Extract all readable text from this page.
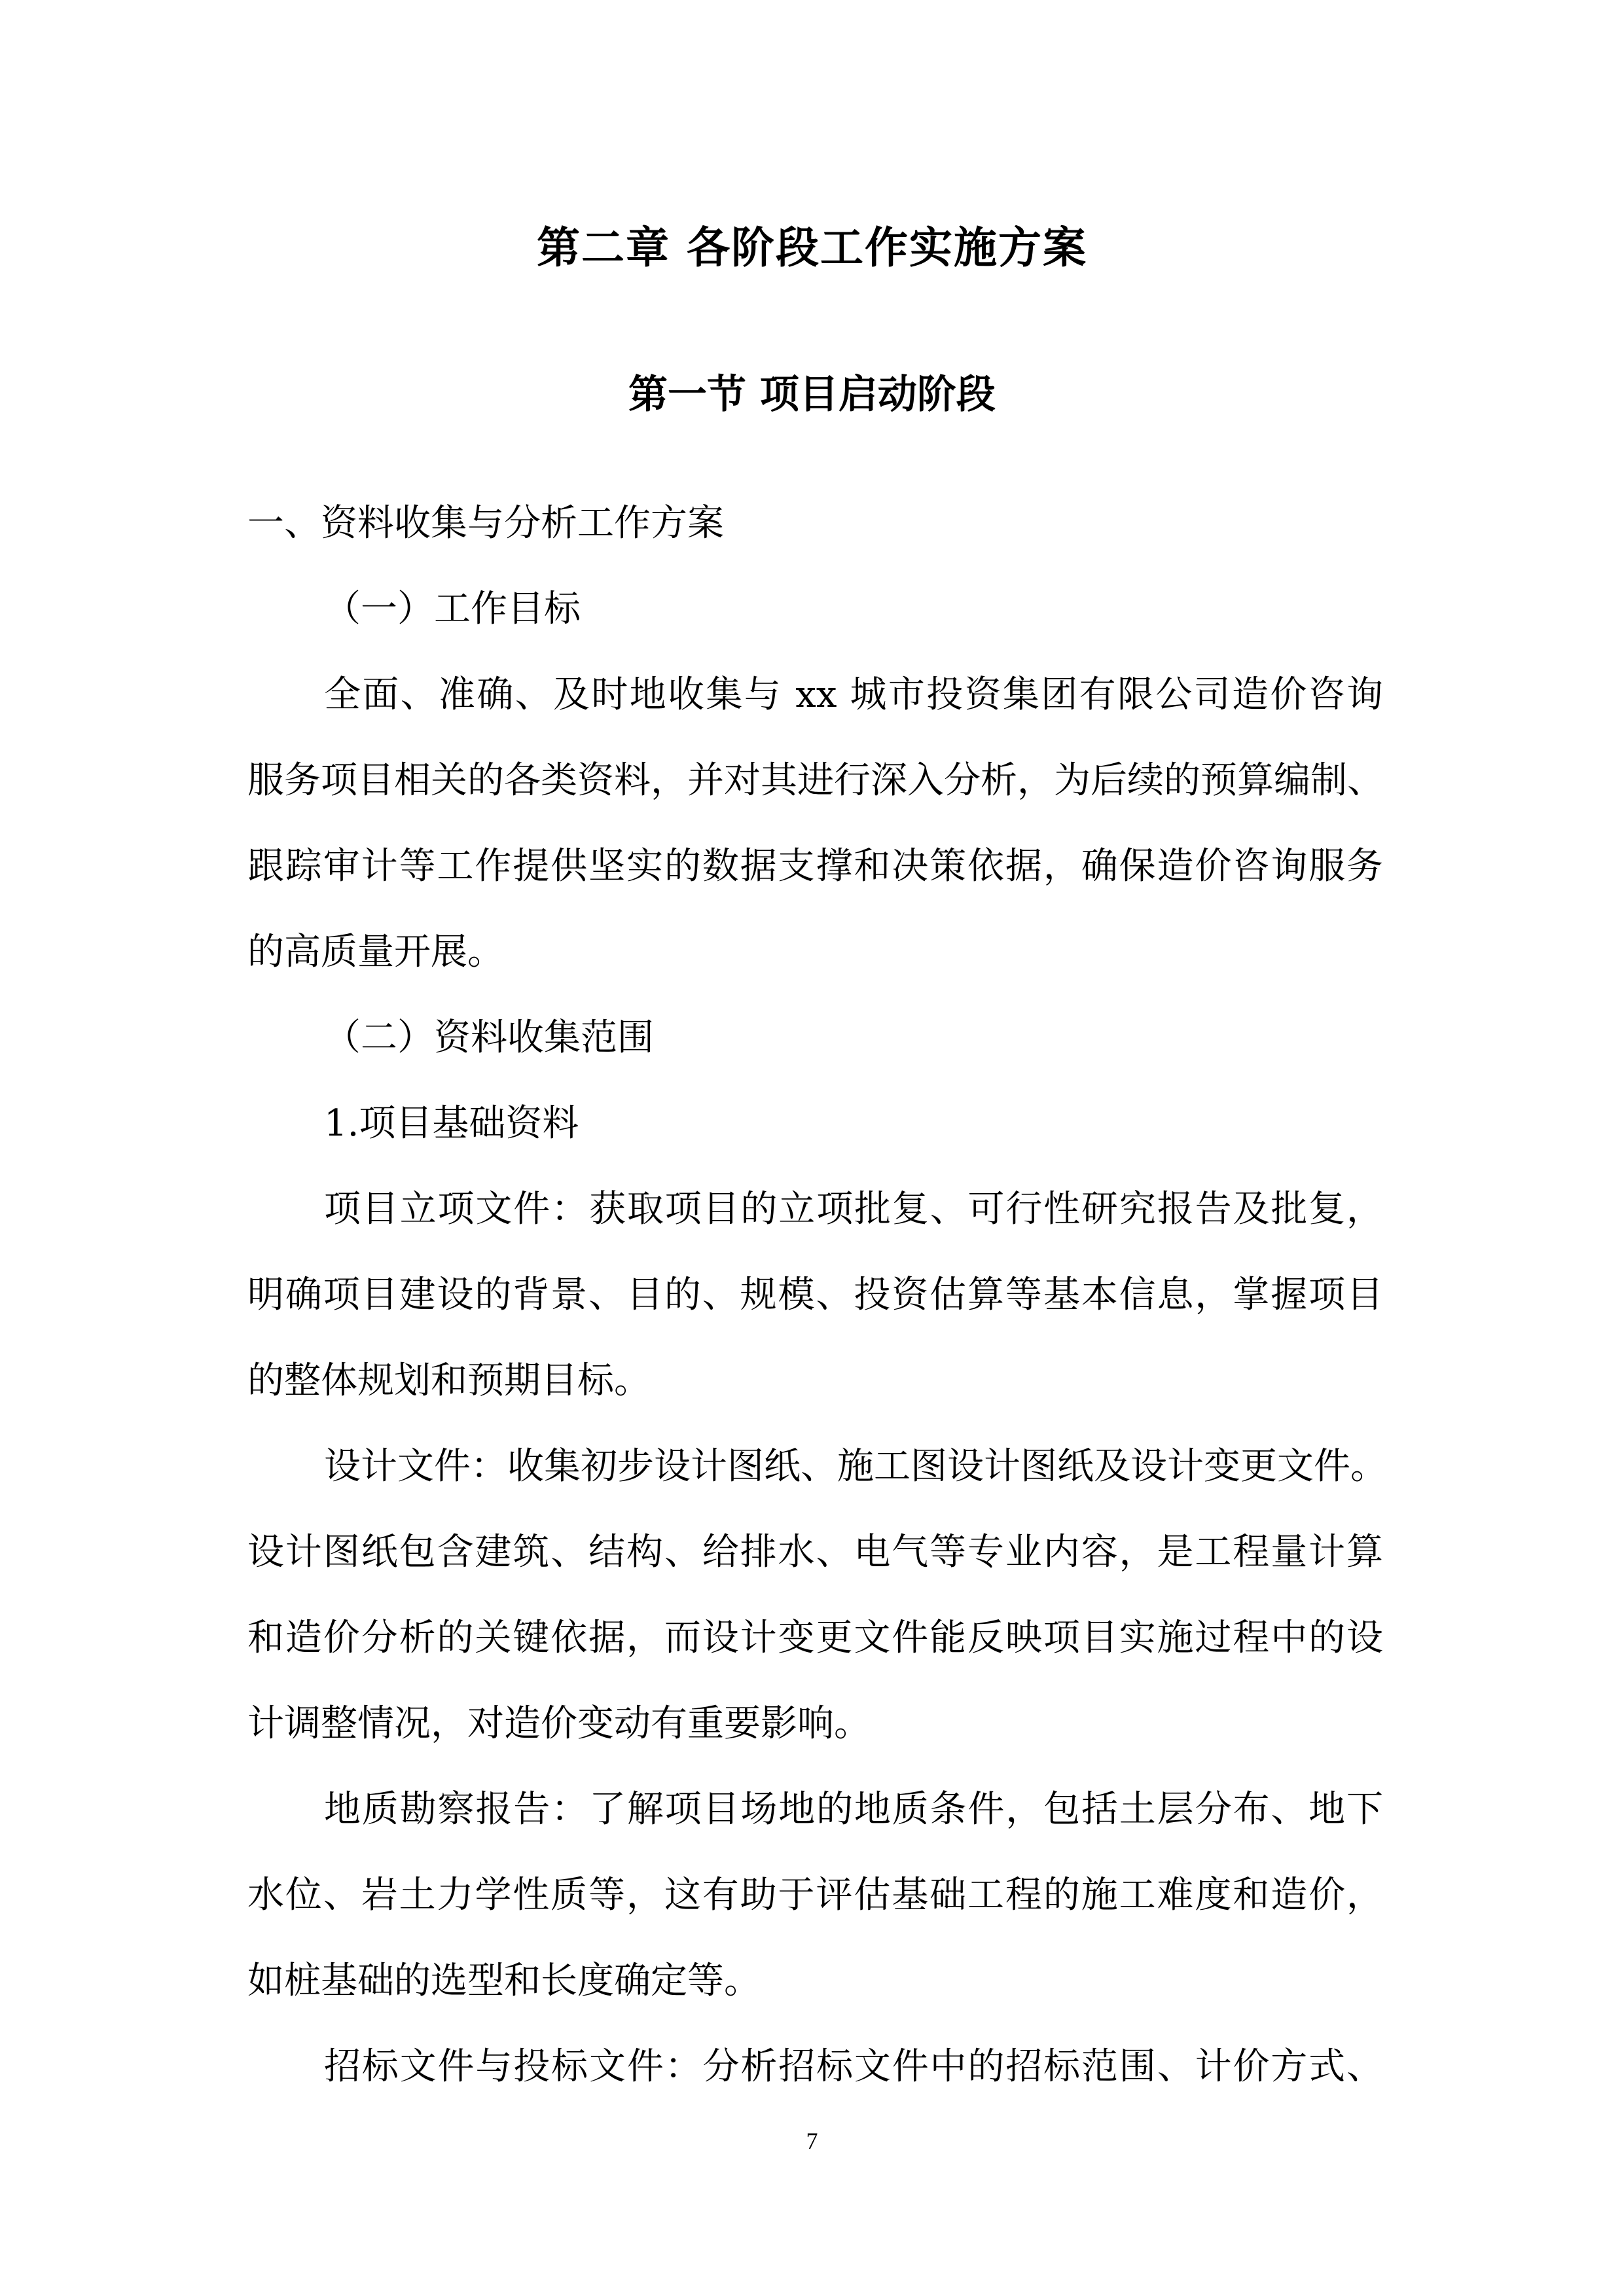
第二章 各阶段工作实施方案
第一节 项目启动阶段
一、资料收集与分析工作方案
（一）工作目标
全面、准确、及时地收集与 xx 城市投资集团有限公司造价咨询
服务项目相关的各类资料，并对其进行深入分析，为后续的预算编制、
跟踪审计等工作提供坚实的数据支撑和决策依据，确保造价咨询服务
的高质量开展。
（二）资料收集范围
1.项目基础资料
项目立项文件：获取项目的立项批复、可行性研究报告及批复，
明确项目建设的背景、目的、规模、投资估算等基本信息，掌握项目
的整体规划和预期目标。
设计文件：收集初步设计图纸、施工图设计图纸及设计变更文件。
设计图纸包含建筑、结构、给排水、电气等专业内容，是工程量计算
和造价分析的关键依据，而设计变更文件能反映项目实施过程中的设
计调整情况，对造价变动有重要影响。
地质勘察报告：了解项目场地的地质条件，包括土层分布、地下
水位、岩土力学性质等，这有助于评估基础工程的施工难度和造价，
如桩基础的选型和长度确定等。
招标文件与投标文件：分析招标文件中的招标范围、计价方式、
7
